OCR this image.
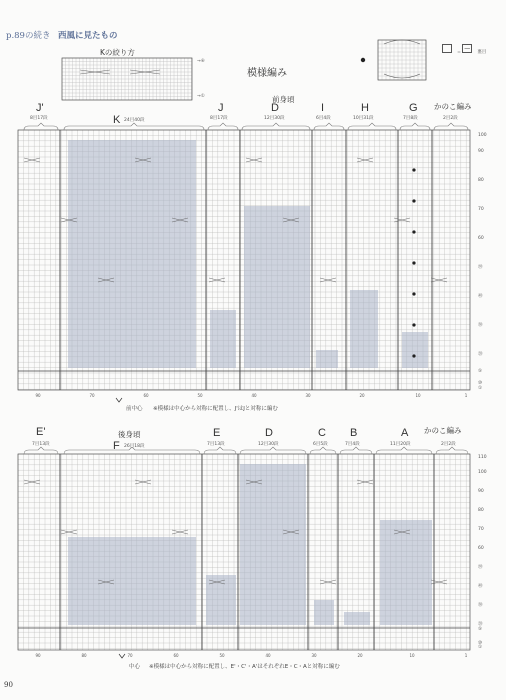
p.89の続き 西風に見たもの
= — 裏目
Kの絞り方
→⑥
→①
模様編み
前身頃
J'
8目17段	K 24目40段
J
8目17段
D
12目30段
I
6目4段
H
10目31段
G
7目8段
かのこ編み
2目2段
前中心 ※模様は中心から対称に配置し、J'はJと対称に編む
E'
7目13段
後身頃
F 26目18段
E
7目13段
D
12目30段
C
6目5段
B
7目4段
A
11目20段
かのこ編み
2目2段
中心 ※模様は中心から対称に配置し、E'・C'・A'はそれぞれE・C・Aと対称に編む
90
⑩
⑳
㉚
㊵
㊿
60
70
80
90
100
⑤
①
90	70	60	50	40	30	20	10	1
⑩
⑳
㉚
㊵
㊿
60
70
80
90
100
110
⑤
①
90	80	70	60	50	40	30	20	10	1
